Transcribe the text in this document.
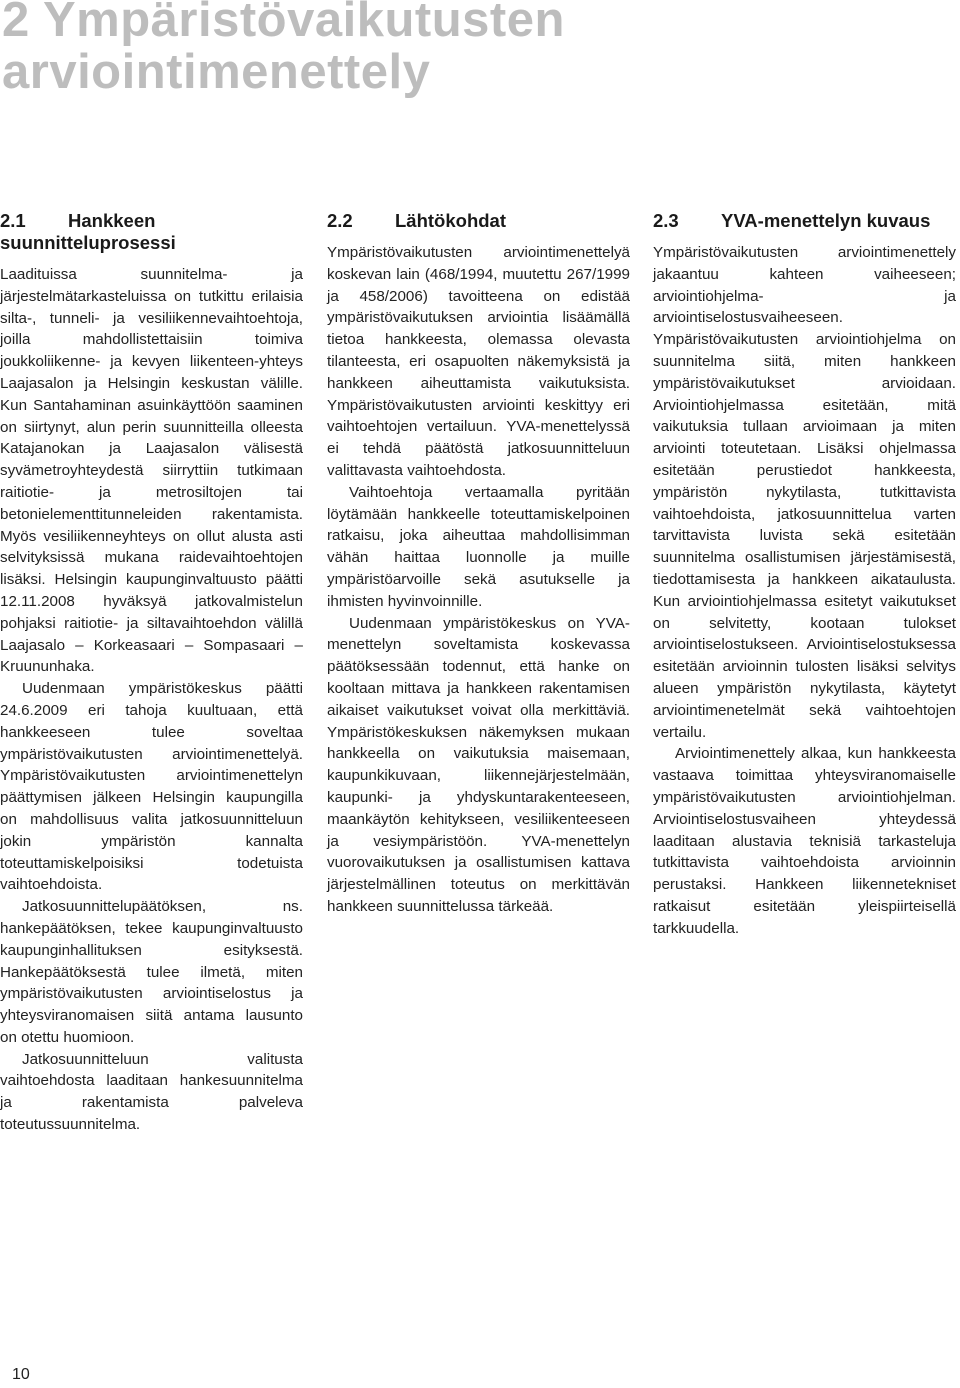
2 Ympäristövaikutusten
arviointimenettely
2.1 Hankkeen
suunnitteluprosessi

Laadituissa suunnitelma- ja järjestelmätarkasteluissa on tutkittu erilaisia silta-, tunneli- ja vesiliikennevaihtoehtoja, joilla mahdollistettaisiin toimiva joukkoliikenne- ja kevyen liikenteen-yhteys Laajasalon ja Helsingin keskustan välille. Kun Santahaminan asuinkäyttöön saaminen on siirtynyt, alun perin suunnitteilla olleesta Katajanokan ja Laajasalon välisestä syvämetroyhteydestä siirryttiin tutkimaan raitiotie- ja metrosiltojen tai betonielementtitunneleiden rakentamista. Myös vesiliikenneyhteys on ollut alusta asti selvityksissä mukana raidevaihtoehtojen lisäksi. Helsingin kaupunginvaltuusto päätti 12.11.2008 hyväksyä jatkovalmistelun pohjaksi raitiotie- ja siltavaihtoehdon välillä Laajasalo – Korkeasaari – Sompasaari – Kruununhaka.

Uudenmaan ympäristökeskus päätti 24.6.2009 eri tahoja kuultuaan, että hankkeeseen tulee soveltaa ympäristövaikutusten arviointimenettelyä. Ympäristövaikutusten arviointimenettelyn päättymisen jälkeen Helsingin kaupungilla on mahdollisuus valita jatkosuunnitteluun jokin ympäristön kannalta toteuttamiskelpoisiksi todetuista vaihtoehdoista.

Jatkosuunnittelupäätöksen, ns. hankepäätöksen, tekee kaupunginvaltuusto kaupunginhallituksen esityksestä. Hankepäätöksestä tulee ilmetä, miten ympäristövaikutusten arviointiselostus ja yhteysviranomaisen siitä antama lausunto on otettu huomioon.

Jatkosuunnitteluun valitusta vaihtoehdosta laaditaan hankesuunnitelma ja rakentamista palveleva toteutussuunnitelma.

2.2 Lähtökohdat

Ympäristövaikutusten arviointimenettelyä koskevan lain (468/1994, muutettu 267/1999 ja 458/2006) tavoitteena on edistää ympäristövaikutuksen arviointia lisäämällä tietoa hankkeesta, olemassa olevasta tilanteesta, eri osapuolten näkemyksistä ja hankkeen aiheuttamista vaikutuksista. Ympäristövaikutusten arviointi keskittyy eri vaihtoehtojen vertailuun. YVA-menettelyssä ei tehdä päätöstä jatkosuunnitteluun valittavasta vaihtoehdosta.

Vaihtoehtoja vertaamalla pyritään löytämään hankkeelle toteuttamiskelpoinen ratkaisu, joka aiheuttaa mahdollisimman vähän haittaa luonnolle ja muille ympäristöarvoille sekä asutukselle ja ihmisten hyvinvoinnille.

Uudenmaan ympäristökeskus on YVA-menettelyn soveltamista koskevassa päätöksessään todennut, että hanke on kooltaan mittava ja hankkeen rakentamisen aikaiset vaikutukset voivat olla merkittäviä. Ympäristökeskuksen näkemyksen mukaan hankkeella on vaikutuksia maisemaan, kaupunkikuvaan, liikennejärjestelmään, kaupunki- ja yhdyskuntarakenteeseen, maankäytön kehitykseen, vesiliikenteeseen ja vesiympäristöön. YVA-menettelyn vuorovaikutuksen ja osallistumisen kattava järjestelmällinen toteutus on merkittävän hankkeen suunnittelussa tärkeää.

2.3 YVA-menettelyn kuvaus

Ympäristövaikutusten arviointimenettely jakaantuu kahteen vaiheeseen; arviointiohjelma- ja arviointiselostusvaiheeseen. Ympäristövaikutusten arviointiohjelma on suunnitelma siitä, miten hankkeen ympäristövaikutukset arvioidaan. Arviointiohjelmassa esitetään, mitä vaikutuksia tullaan arvioimaan ja miten arviointi toteutetaan. Lisäksi ohjelmassa esitetään perustiedot hankkeesta, ympäristön nykytilasta, tutkittavista vaihtoehdoista, jatkosuunnittelua varten tarvittavista luvista sekä esitetään suunnitelma osallistumisen järjestämisestä, tiedottamisesta ja hankkeen aikataulusta. Kun arviointiohjelmassa esitetyt vaikutukset on selvitetty, kootaan tulokset arviointiselostukseen. Arviointiselostuksessa esitetään arvioinnin tulosten lisäksi selvitys alueen ympäristön nykytilasta, käytetyt arviointimenetelmät sekä vaihtoehtojen vertailu.

Arviointimenettely alkaa, kun hankkeesta vastaava toimittaa yhteysviranomaiselle ympäristövaikutusten arviointiohjelman. Arviointiselostusvaiheen yhteydessä laaditaan alustavia teknisiä tarkasteluja tutkittavista vaihtoehdoista arvioinnin perustaksi. Hankkeen liikennetekniset ratkaisut esitetään yleispiirteisellä tarkkuudella.

10
